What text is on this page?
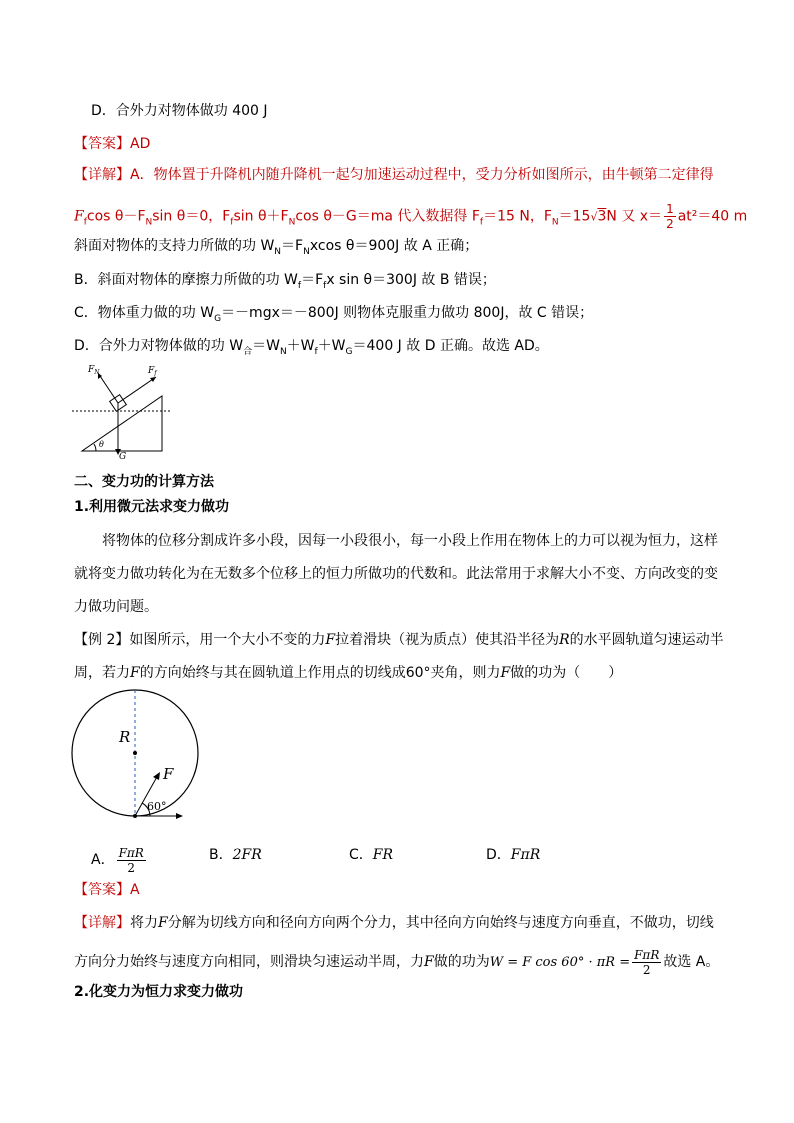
D．合外力对物体做功 400 J
【答案】AD
【详解】A．物体置于升降机内随升降机一起匀加速运动过程中，受力分析如图所示，由牛顿第二定律得
$F_f\cos$ $\theta-F_N\sin$ θ＝0，$F_f\sin$ $\theta+F_N\cos$ θ－G＝ma 代入数据得 $F_f=15$ N，$F_N=15√3N$ 又 $x= \frac{1}{2} at^2=40$ m
斜面对物体的支持力所做的功 $W_N=F_Nxcos$ θ＝900J 故 A 正确；
B．斜面对物体的摩擦力所做的功 $W_f=F_fx$ sin θ＝300J 故 B 错误；
C．物体重力做的功 $W_G=-mgx=-800J$ 则物体克服重力做功 800J，故 C 错误；
D．合外力对物体做的功 $W_合=W_N+W_f+W_G=400$ J 故 D 正确。故选 AD。
$F_N$	$F_f$
θ
G
二、变力功的计算方法
1.利用微元法求变力做功
将物体的位移分割成许多小段，因每一小段很小，每一小段上作用在物体上的力可以视为恒力，这样
就将变力做功转化为在无数多个位移上的恒力所做功的代数和。此法常用于求解大小不变、方向改变的变
力做功问题。
【例 2】如图所示，用一个大小不变的力F拉着滑块（视为质点）使其沿半径为R的水平圆轨道匀速运动半
周，若力F的方向始终与其在圆轨道上作用点的切线成60°夹角，则力F做的功为（　　）
R
F
60°
A． $\frac{\text{FπR}}{2}$	B．2FR	C．FR	D．FπR
【答案】A
【详解】将力F分解为切线方向和径向方向两个分力，其中径向方向始终与速度方向垂直，不做功，切线
方向分力始终与速度方向相同，则滑块匀速运动半周，力F做的功为W = F $\cos 60^\circ \cdot \pi R = \frac{\text{FπR}}{2}$ 故选 A。
2.化变力为恒力求变力做功
